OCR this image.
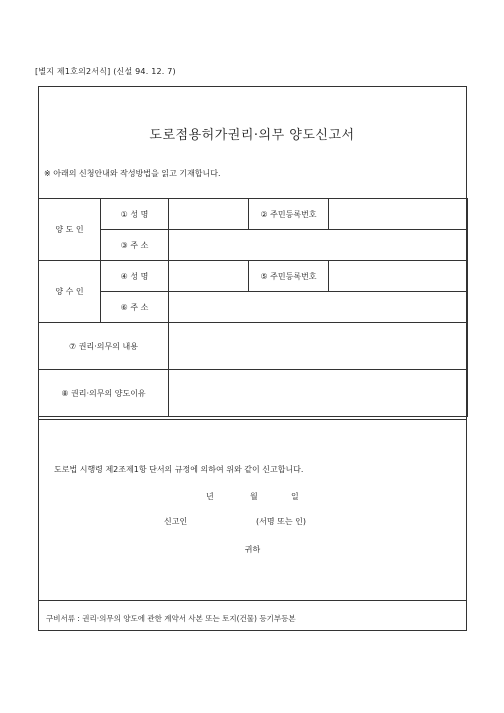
[별지 제1호의2서식] (신설 94. 12. 7)
도로점용허가권리·의무 양도신고서
※ 아래의 신청안내와 작성방법을 읽고 기재합니다.
양 도 인	① 성 명		② 주민등록번호	
	③ 주 소			
양 수 인	④ 성 명		⑤ 주민등록번호	
	⑥ 주 소			
⑦ 권리·의무의 내용				
⑧ 권리·의무의 양도이유				
도로법 시행령 제2조제1항 단서의 규정에 의하여 위와 같이 신고합니다.
년	월	일
신고인	(서명 또는 인)
귀하
구비서류 : 권리·의무의 양도에 관한 계약서 사본 또는 토지(건물) 등기부등본
